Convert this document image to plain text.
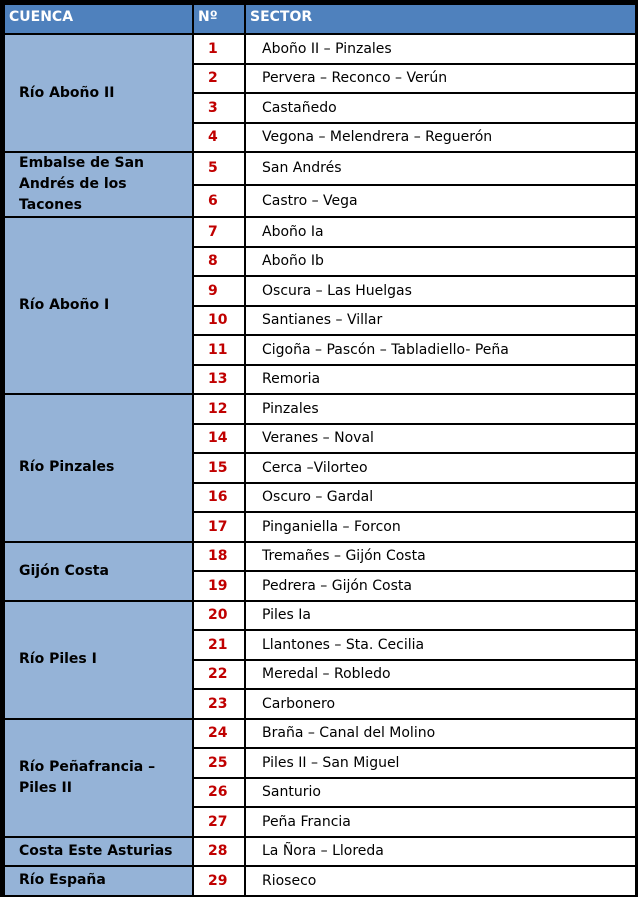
CUENCA	Nº	SECTOR
Río Aboño II	1	Aboño II – Pinzales
	2	Pervera – Reconco – Verún
	3	Castañedo
	4	Vegona – Melendrera – Reguerón
Embalse de San Andrés de los Tacones	5	San Andrés
	6	Castro – Vega
Río Aboño I	7	Aboño Ia
	8	Aboño Ib
	9	Oscura – Las Huelgas
	10	Santianes – Villar
	11	Cigoña – Pascón – Tabladiello- Peña
	13	Remoria
Río Pinzales	12	Pinzales
	14	Veranes – Noval
	15	Cerca –Vilorteo
	16	Oscuro – Gardal
	17	Pinganiella – Forcon
Gijón Costa	18	Tremañes – Gijón Costa
	19	Pedrera – Gijón Costa
Río Piles I	20	Piles Ia
	21	Llantones – Sta. Cecilia
	22	Meredal – Robledo
	23	Carbonero
Río Peñafrancia – Piles II	24	Braña – Canal del Molino
	25	Piles II – San Miguel
	26	Santurio
	27	Peña Francia
Costa Este Asturias	28	La Ñora – Lloreda
Río España	29	Rioseco
